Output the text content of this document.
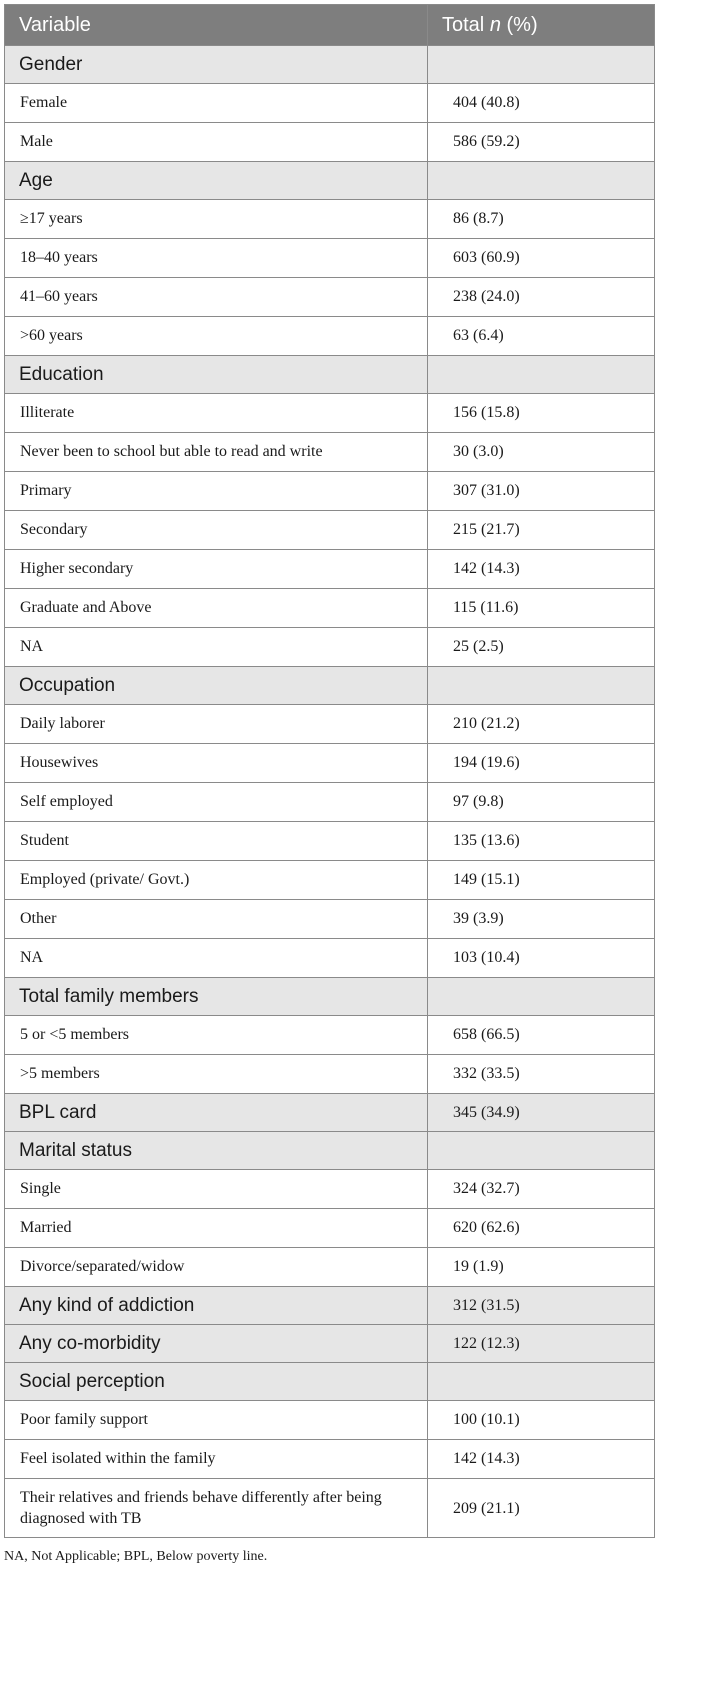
Variable	Total n (%)
Gender	
Female	404 (40.8)
Male	586 (59.2)
Age	
≥17 years	86 (8.7)
18–40 years	603 (60.9)
41–60 years	238 (24.0)
>60 years	63 (6.4)
Education	
Illiterate	156 (15.8)
Never been to school but able to read and write	30 (3.0)
Primary	307 (31.0)
Secondary	215 (21.7)
Higher secondary	142 (14.3)
Graduate and Above	115 (11.6)
NA	25 (2.5)
Occupation	
Daily laborer	210 (21.2)
Housewives	194 (19.6)
Self employed	97 (9.8)
Student	135 (13.6)
Employed (private/ Govt.)	149 (15.1)
Other	39 (3.9)
NA	103 (10.4)
Total family members	
5 or <5 members	658 (66.5)
>5 members	332 (33.5)
BPL card	345 (34.9)
Marital status	
Single	324 (32.7)
Married	620 (62.6)
Divorce/separated/widow	19 (1.9)
Any kind of addiction	312 (31.5)
Any co-morbidity	122 (12.3)
Social perception	
Poor family support	100 (10.1)
Feel isolated within the family	142 (14.3)
Their relatives and friends behave differently after being diagnosed with TB	209 (21.1)
NA, Not Applicable; BPL, Below poverty line.
